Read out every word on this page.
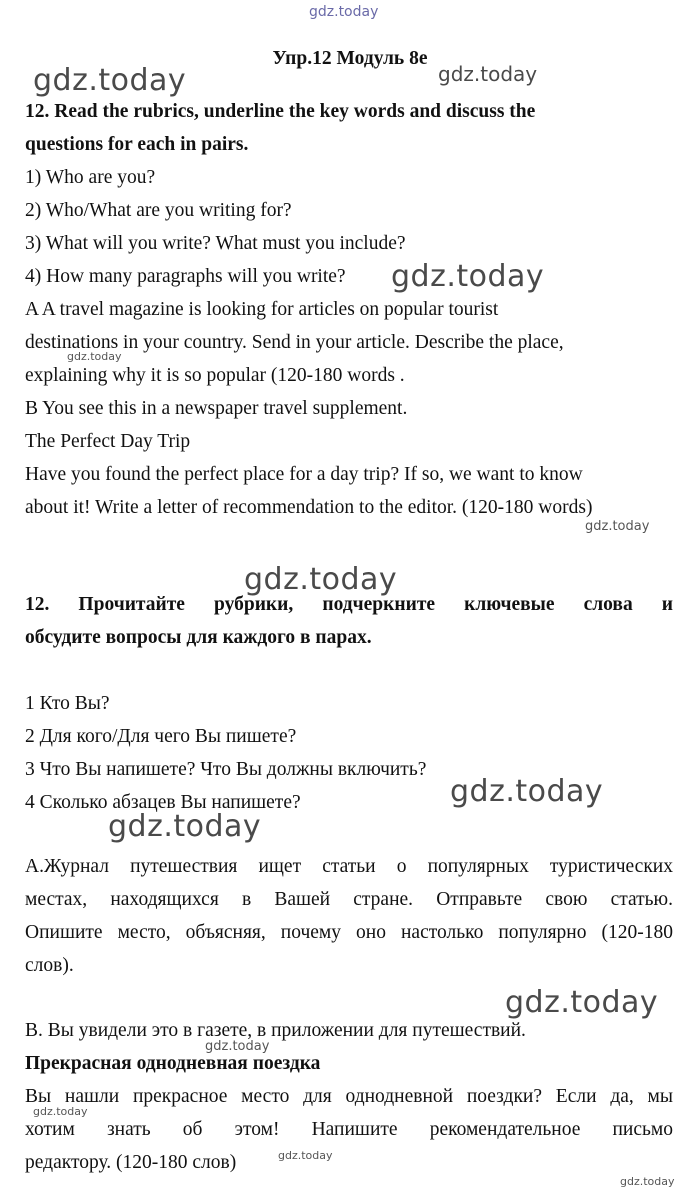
gdz.today

Упр.12 Модуль 8e

12. Read the rubrics, underline the key words and discuss the

questions for each in pairs.

1) Who are you?

2) Who/What are you writing for?

3) What will you write? What must you include?

4) How many paragraphs will you write?

A A travel magazine is looking for articles on popular tourist

destinations in your country. Send in your article. Describe the place,

explaining why it is so popular (120-180 words .

B You see this in a newspaper travel supplement.

The Perfect Day Trip

Have you found the perfect place for a day trip? If so, we want to know

about it! Write a letter of recommendation to the editor. (120-180 words)

12. Прочитайте рубрики, подчеркните ключевые слова и

обсудите вопросы для каждого в парах.

1 Кто Вы?

2 Для кого/Для чего Вы пишете?

3 Что Вы напишете? Что Вы должны включить?

4 Сколько абзацев Вы напишете?

А.Журнал путешествия ищет статьи о популярных туристических

местах, находящихся в Вашей стране. Отправьте свою статью.

Опишите место, объясняя, почему оно настолько популярно (120-180

слов).

В. Вы увидели это в газете, в приложении для путешествий.

Прекрасная однодневная поездка

Вы нашли прекрасное место для однодневной поездки? Если да, мы

хотим знать об этом! Напишите рекомендательное письмо

редактору. (120-180 слов)

gdz.today	gdz.today

gdz.today

gdz.today

gdz.today

gdz.today

gdz.today

gdz.today

gdz.today

gdz.today

gdz.today

gdz.today

gdz.today
